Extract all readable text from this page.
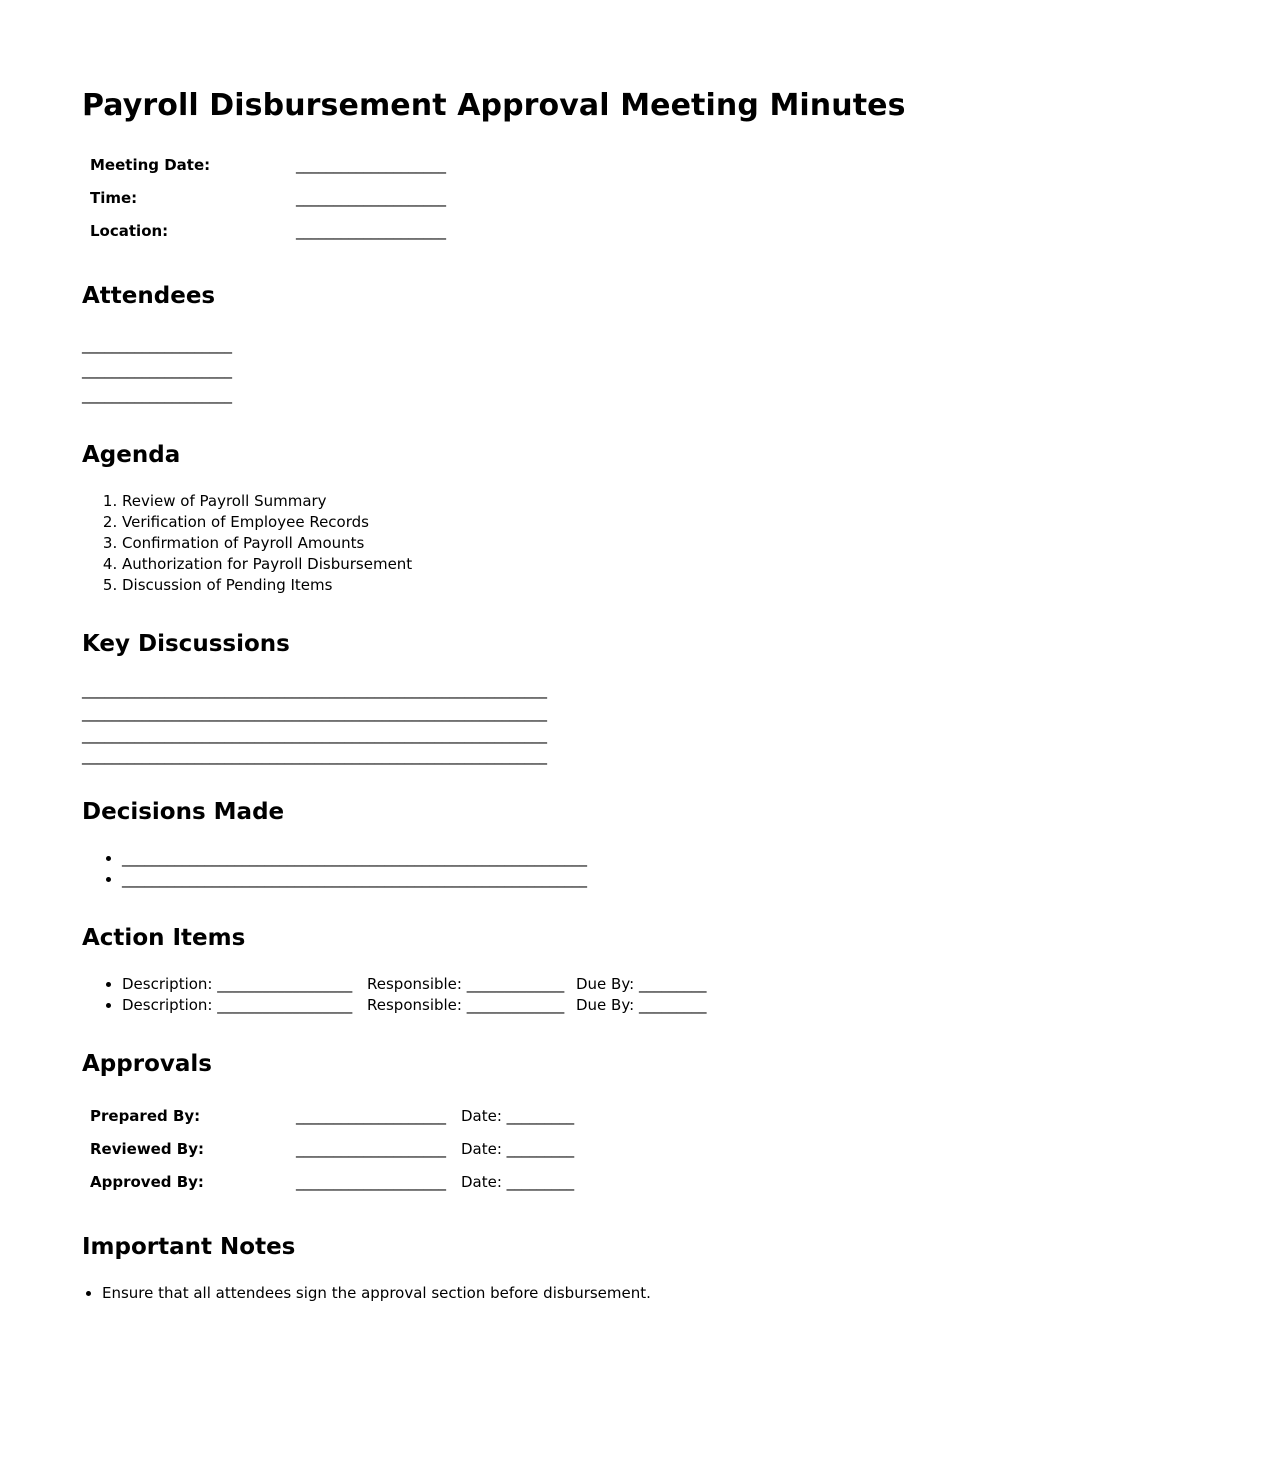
Payroll Disbursement Approval Meeting Minutes
Meeting Date:	____________________
Time:	____________________
Location:	____________________
Attendees
____________________
____________________
____________________
Agenda
1. Review of Payroll Summary
2. Verification of Employee Records
3. Confirmation of Payroll Amounts
4. Authorization for Payroll Disbursement
5. Discussion of Pending Items
Key Discussions
______________________________________________________________
______________________________________________________________
______________________________________________________________
______________________________________________________________
Decisions Made
• ______________________________________________________________
• ______________________________________________________________
Action Items
• Description: __________________ Responsible: _____________ Due By: _________
• Description: __________________ Responsible: _____________ Due By: _________
Approvals
Prepared By:	____________________ Date: _________
Reviewed By:	____________________ Date: _________
Approved By:	____________________ Date: _________
Important Notes
• Ensure that all attendees sign the approval section before disbursement.
